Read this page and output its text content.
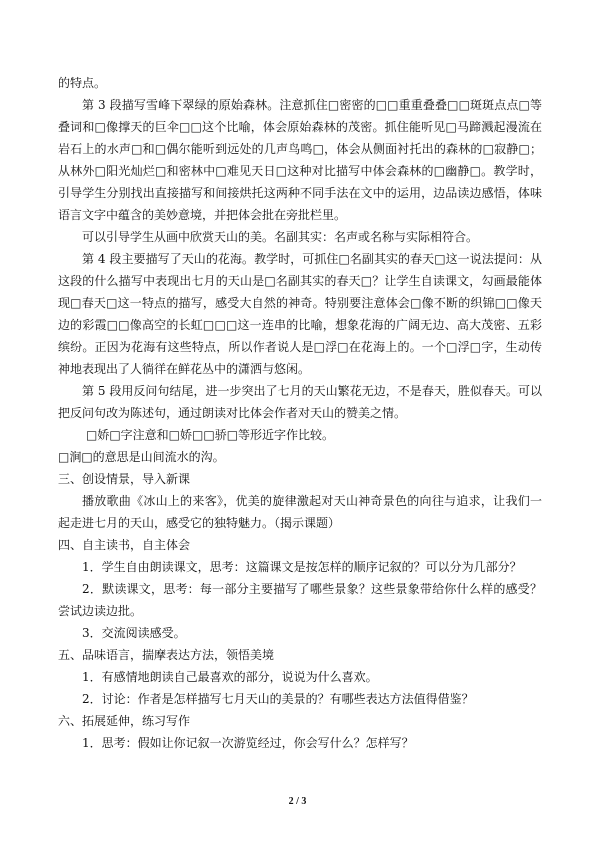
的特点。

第 3 段描写雪峰下翠绿的原始森林。注意抓住□密密的□□重重叠叠□□斑斑点点□等叠词和□像撑天的巨伞□□这个比喻，体会原始森林的茂密。抓住能听见□马蹄溅起漫流在岩石上的水声□和□偶尔能听到远处的几声鸟鸣□，体会从侧面衬托出的森林的□寂静□；从林外□阳光灿烂□和密林中□难见天日□这种对比描写中体会森林的□幽静□。教学时，引导学生分别找出直接描写和间接烘托这两种不同手法在文中的运用，边品读边感悟，体味语言文字中蕴含的美妙意境，并把体会批在旁批栏里。

可以引导学生从画中欣赏天山的美。名副其实：名声或名称与实际相符合。

第 4 段主要描写了天山的花海。教学时，可抓住□名副其实的春天□这一说法提问：从这段的什么描写中表现出七月的天山是□名副其实的春天□？让学生自读课文，勾画最能体现□春天□这一特点的描写，感受大自然的神奇。特别要注意体会□像不断的织锦□□像天边的彩霞□□像高空的长虹□□□这一连串的比喻，想象花海的广阔无边、高大茂密、五彩缤纷。正因为花海有这些特点，所以作者说人是□浮□在花海上的。一个□浮□字，生动传神地表现出了人徜徉在鲜花丛中的潇洒与悠闲。

第 5 段用反问句结尾，进一步突出了七月的天山繁花无边，不是春天，胜似春天。可以把反问句改为陈述句，通过朗读对比体会作者对天山的赞美之情。

□娇□字注意和□娇□□骄□等形近字作比较。

□涧□的意思是山间流水的沟。

三、创设情景，导入新课

播放歌曲《冰山上的来客》，优美的旋律激起对天山神奇景色的向往与追求，让我们一起走进七月的天山，感受它的独特魅力。（揭示课题）

四、自主读书，自主体会

1．学生自由朗读课文，思考：这篇课文是按怎样的顺序记叙的？可以分为几部分？

2．默读课文，思考：每一部分主要描写了哪些景象？这些景象带给你什么样的感受？尝试边读边批。

3．交流阅读感受。

五、品味语言，揣摩表达方法，领悟美境

1．有感情地朗读自己最喜欢的部分，说说为什么喜欢。

2．讨论：作者是怎样描写七月天山的美景的？有哪些表达方法值得借鉴？

六、拓展延伸，练习写作

1．思考：假如让你记叙一次游览经过，你会写什么？怎样写？

2 / 3
